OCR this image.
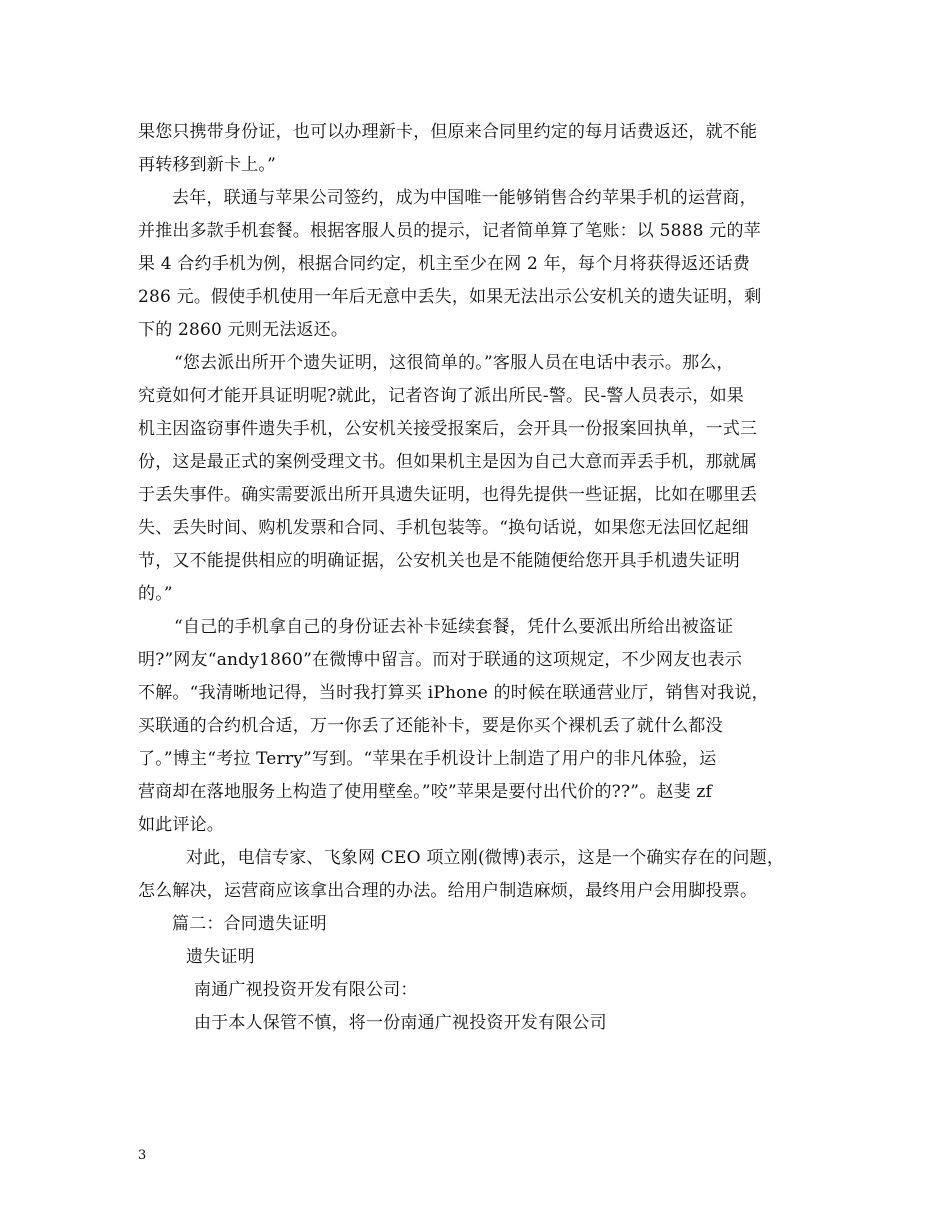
果您只携带身份证，也可以办理新卡，但原来合同里约定的每月话费返还，就不能
再转移到新卡上。”
去年，联通与苹果公司签约，成为中国唯一能够销售合约苹果手机的运营商，
并推出多款手机套餐。根据客服人员的提示，记者简单算了笔账：以 5888 元的苹
果 4 合约手机为例，根据合同约定，机主至少在网 2 年，每个月将获得返还话费
286 元。假使手机使用一年后无意中丢失，如果无法出示公安机关的遗失证明，剩
下的 2860 元则无法返还。
“您去派出所开个遗失证明，这很简单的。”客服人员在电话中表示。那么，
究竟如何才能开具证明呢?就此，记者咨询了派出所民-警。民-警人员表示，如果
机主因盗窃事件遗失手机，公安机关接受报案后，会开具一份报案回执单，一式三
份，这是最正式的案例受理文书。但如果机主是因为自己大意而弄丢手机，那就属
于丢失事件。确实需要派出所开具遗失证明，也得先提供一些证据，比如在哪里丢
失、丢失时间、购机发票和合同、手机包装等。“换句话说，如果您无法回忆起细
节，又不能提供相应的明确证据，公安机关也是不能随便给您开具手机遗失证明
的。”
“自己的手机拿自己的身份证去补卡延续套餐，凭什么要派出所给出被盗证
明?”网友“andy1860”在微博中留言。而对于联通的这项规定，不少网友也表示
不解。“我清晰地记得，当时我打算买 iPhone 的时候在联通营业厅，销售对我说，
买联通的合约机合适，万一你丢了还能补卡，要是你买个裸机丢了就什么都没
了。”博主“考拉 Terry”写到。“苹果在手机设计上制造了用户的非凡体验，运
营商却在落地服务上构造了使用壁垒。”咬”苹果是要付出代价的??”。赵斐 zf
如此评论。
对此，电信专家、飞象网 CEO 项立刚(微博)表示，这是一个确实存在的问题，
怎么解决，运营商应该拿出合理的办法。给用户制造麻烦，最终用户会用脚投票。
篇二：合同遗失证明
遗失证明
南通广视投资开发有限公司：
由于本人保管不慎，将一份南通广视投资开发有限公司
3
